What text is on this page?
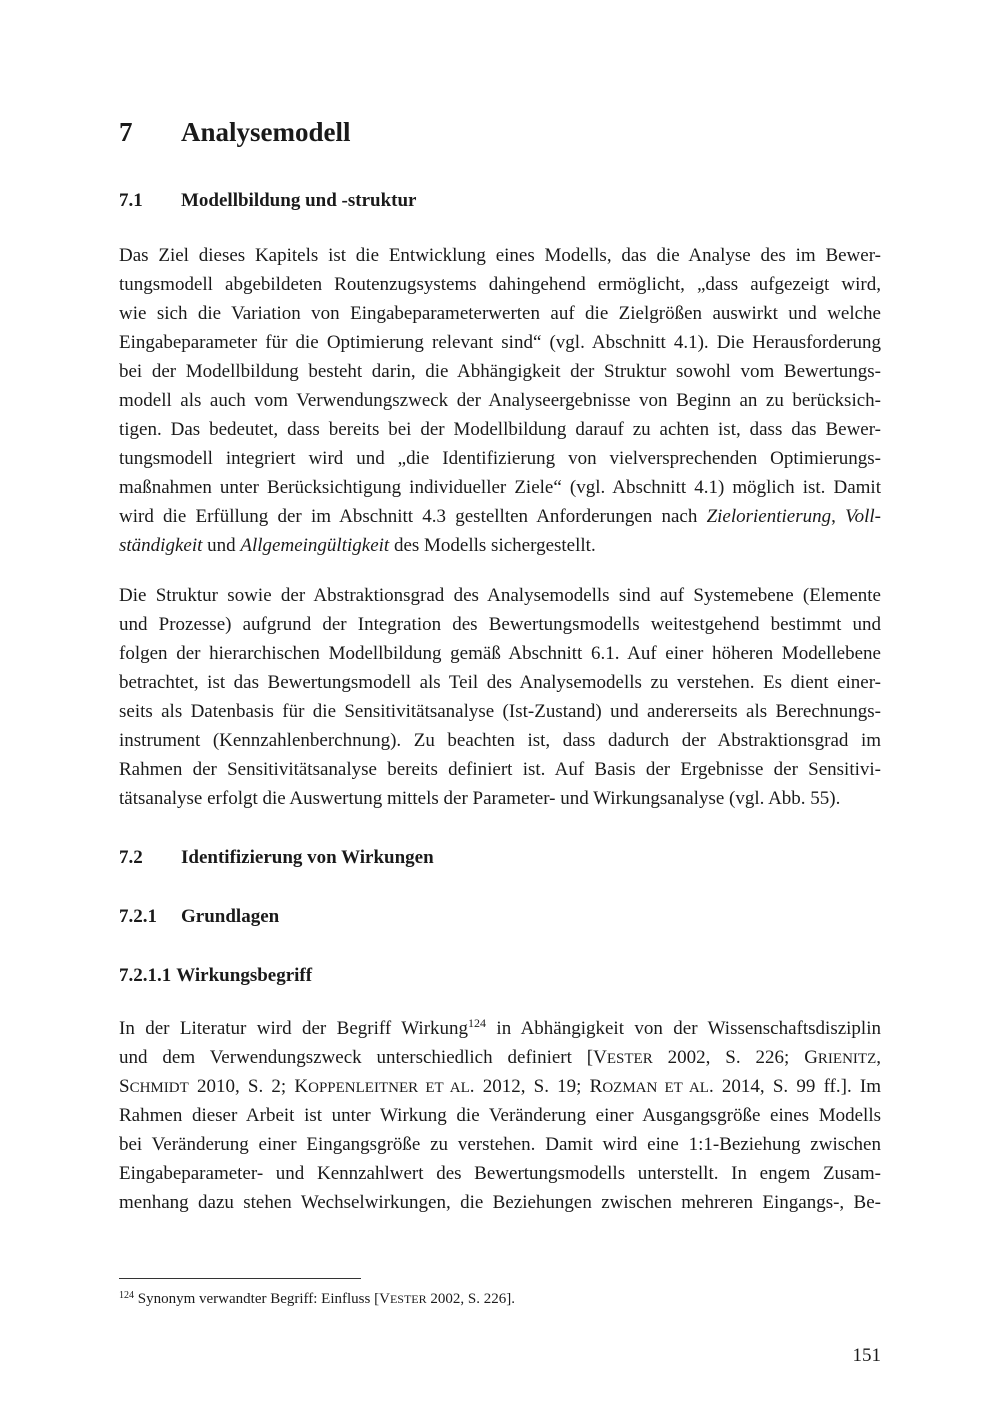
7 Analysemodell
7.1 Modellbildung und -struktur
Das Ziel dieses Kapitels ist die Entwicklung eines Modells, das die Analyse des im Bewer-
tungsmodell abgebildeten Routenzugsystems dahingehend ermöglicht, „dass aufgezeigt wird,
wie sich die Variation von Eingabeparameterwerten auf die Zielgrößen auswirkt und welche
Eingabeparameter für die Optimierung relevant sind“ (vgl. Abschnitt 4.1). Die Herausforderung
bei der Modellbildung besteht darin, die Abhängigkeit der Struktur sowohl vom Bewertungs-
modell als auch vom Verwendungszweck der Analyseergebnisse von Beginn an zu berücksich-
tigen. Das bedeutet, dass bereits bei der Modellbildung darauf zu achten ist, dass das Bewer-
tungsmodell integriert wird und „die Identifizierung von vielversprechenden Optimierungs-
maßnahmen unter Berücksichtigung individueller Ziele“ (vgl. Abschnitt 4.1) möglich ist. Damit
wird die Erfüllung der im Abschnitt 4.3 gestellten Anforderungen nach Zielorientierung, Voll-
ständigkeit und Allgemeingültigkeit des Modells sichergestellt.
Die Struktur sowie der Abstraktionsgrad des Analysemodells sind auf Systemebene (Elemente
und Prozesse) aufgrund der Integration des Bewertungsmodells weitestgehend bestimmt und
folgen der hierarchischen Modellbildung gemäß Abschnitt 6.1. Auf einer höheren Modellebene
betrachtet, ist das Bewertungsmodell als Teil des Analysemodells zu verstehen. Es dient einer-
seits als Datenbasis für die Sensitivitätsanalyse (Ist-Zustand) und andererseits als Berechnungs-
instrument (Kennzahlenberchnung). Zu beachten ist, dass dadurch der Abstraktionsgrad im
Rahmen der Sensitivitätsanalyse bereits definiert ist. Auf Basis der Ergebnisse der Sensitivi-
tätsanalyse erfolgt die Auswertung mittels der Parameter- und Wirkungsanalyse (vgl. Abb. 55).
7.2 Identifizierung von Wirkungen
7.2.1 Grundlagen
7.2.1.1 Wirkungsbegriff
In der Literatur wird der Begriff Wirkung$^{124}$ in Abhängigkeit von der Wissenschaftsdisziplin
und dem Verwendungszweck unterschiedlich definiert [VESTER 2002, S. 226; GRIENITZ,
SCHMIDT 2010, S. 2; KOPPENLEITNER ET AL. 2012, S. 19; ROZMAN ET AL. 2014, S. 99 ff.]. Im
Rahmen dieser Arbeit ist unter Wirkung die Veränderung einer Ausgangsgröße eines Modells
bei Veränderung einer Eingangsgröße zu verstehen. Damit wird eine 1:1-Beziehung zwischen
Eingabeparameter- und Kennzahlwert des Bewertungsmodells unterstellt. In engem Zusam-
menhang dazu stehen Wechselwirkungen, die Beziehungen zwischen mehreren Eingangs-, Be-

$^{124}$ Synonym verwandter Begriff: Einfluss [VESTER 2002, S. 226].

151
